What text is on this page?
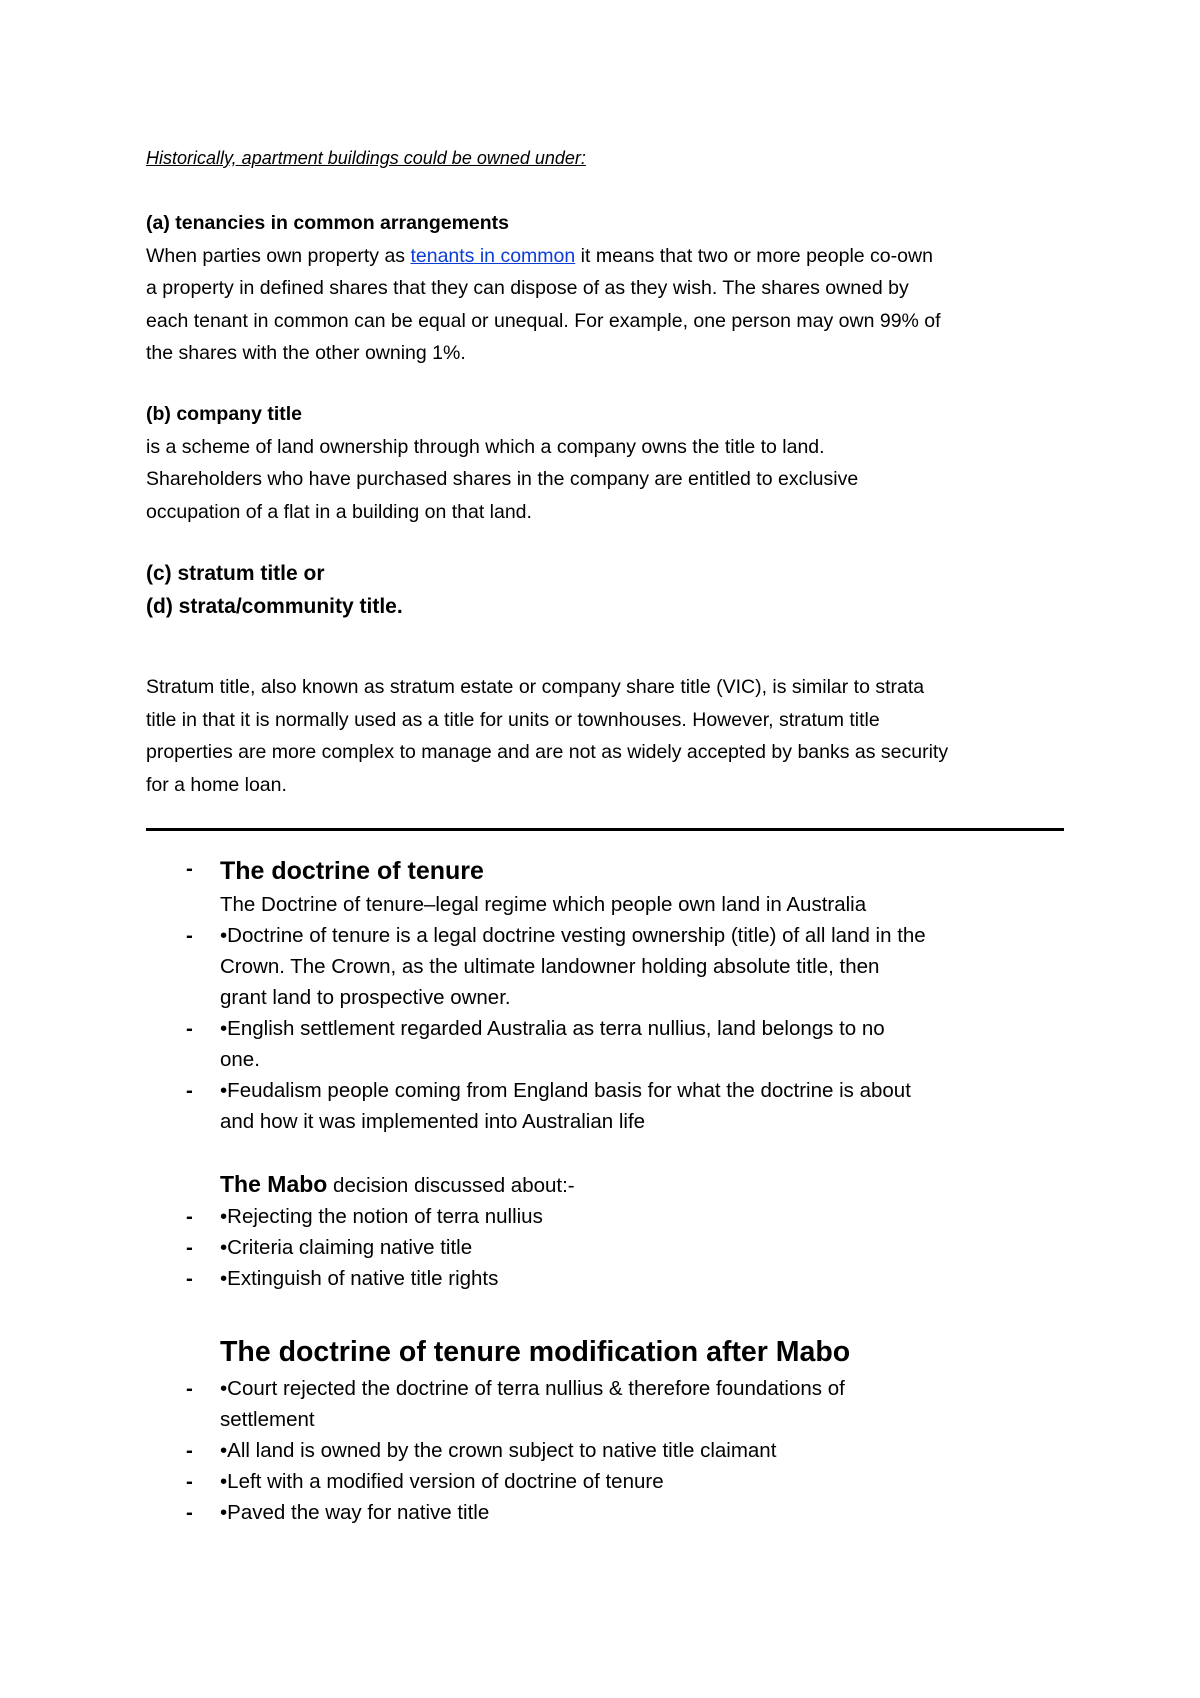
Historically, apartment buildings could be owned under:

(a) tenancies in common arrangements

When parties own property as tenants in common it means that two or more people co-own

a property in defined shares that they can dispose of as they wish. The shares owned by

each tenant in common can be equal or unequal. For example, one person may own 99% of

the shares with the other owning 1%.

(b) company title

is a scheme of land ownership through which a company owns the title to land.

Shareholders who have purchased shares in the company are entitled to exclusive

occupation of a flat in a building on that land.

(c) stratum title or

(d) strata/community title.

Stratum title, also known as stratum estate or company share title (VIC), is similar to strata

title in that it is normally used as a title for units or townhouses. However, stratum title

properties are more complex to manage and are not as widely accepted by banks as security

for a home loan.

-	The doctrine of tenure
The Doctrine of tenure–legal regime which people own land in Australia
-	•Doctrine of tenure is a legal doctrine vesting ownership (title) of all land in the
Crown. The Crown, as the ultimate landowner holding absolute title, then
grant land to prospective owner.
-	•English settlement regarded Australia as terra nullius, land belongs to no
one.
-	•Feudalism people coming from England basis for what the doctrine is about
and how it was implemented into Australian life
The Mabo decision discussed about:-
-	•Rejecting the notion of terra nullius
-	•Criteria claiming native title
-	•Extinguish of native title rights
The doctrine of tenure modification after Mabo
-	•Court rejected the doctrine of terra nullius & therefore foundations of
settlement
-	•All land is owned by the crown subject to native title claimant
-	•Left with a modified version of doctrine of tenure
-	•Paved the way for native title
